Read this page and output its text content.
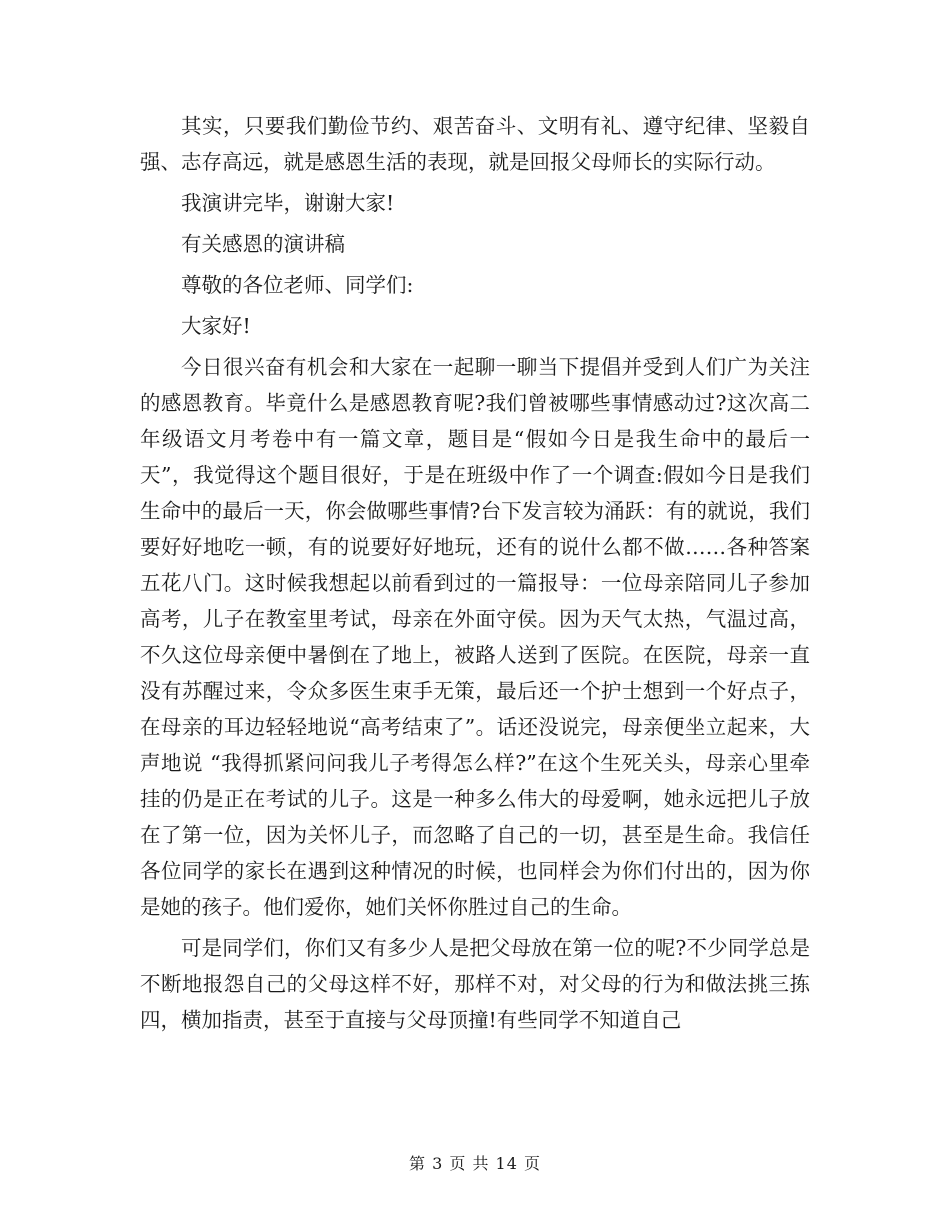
其实，只要我们勤俭节约、艰苦奋斗、文明有礼、遵守纪律、坚毅自强、志存高远，就是感恩生活的表现，就是回报父母师长的实际行动。

我演讲完毕，谢谢大家!

有关感恩的演讲稿

尊敬的各位老师、同学们:

大家好!

今日很兴奋有机会和大家在一起聊一聊当下提倡并受到人们广为关注的感恩教育。毕竟什么是感恩教育呢?我们曾被哪些事情感动过?这次高二年级语文月考卷中有一篇文章，题目是“假如今日是我生命中的最后一天”，我觉得这个题目很好，于是在班级中作了一个调查:假如今日是我们生命中的最后一天，你会做哪些事情?台下发言较为涌跃：有的就说，我们要好好地吃一顿，有的说要好好地玩，还有的说什么都不做……各种答案五花八门。这时候我想起以前看到过的一篇报导：一位母亲陪同儿子参加高考，儿子在教室里考试，母亲在外面守侯。因为天气太热，气温过高，不久这位母亲便中暑倒在了地上，被路人送到了医院。在医院，母亲一直没有苏醒过来，令众多医生束手无策，最后还一个护士想到一个好点子，在母亲的耳边轻轻地说“高考结束了”。话还没说完，母亲便坐立起来，大声地说 “我得抓紧问问我儿子考得怎么样?”在这个生死关头，母亲心里牵挂的仍是正在考试的儿子。这是一种多么伟大的母爱啊，她永远把儿子放在了第一位，因为关怀儿子，而忽略了自己的一切，甚至是生命。我信任各位同学的家长在遇到这种情况的时候，也同样会为你们付出的，因为你是她的孩子。他们爱你，她们关怀你胜过自己的生命。

可是同学们，你们又有多少人是把父母放在第一位的呢?不少同学总是不断地报怨自己的父母这样不好，那样不对，对父母的行为和做法挑三拣四，横加指责，甚至于直接与父母顶撞!有些同学不知道自己

第 3 页 共 14 页
